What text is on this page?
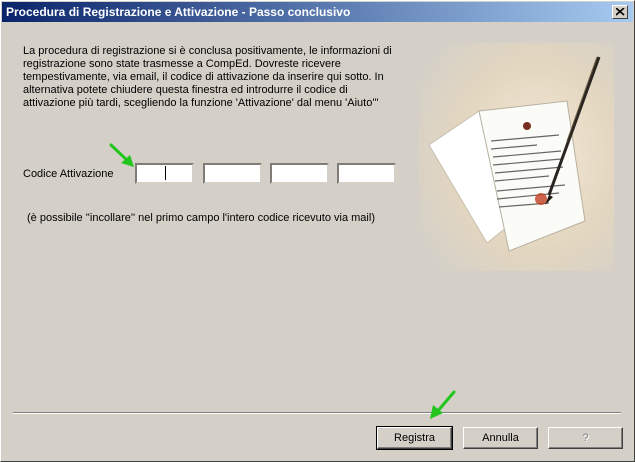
Procedura di Registrazione e Attivazione - Passo conclusivo
La procedura di registrazione si è conclusa positivamente, le informazioni di registrazione sono state trasmesse a CompEd. Dovreste ricevere tempestivamente, via email, il codice di attivazione da inserire qui sotto. In alternativa potete chiudere questa finestra ed introdurre il codice di attivazione più tardi, scegliendo la funzione 'Attivazione' dal menu 'Aiuto'"
Codice Attivazione
(è possibile ''incollare'' nel primo campo l'intero codice ricevuto via mail)
Registra	Annulla	?
